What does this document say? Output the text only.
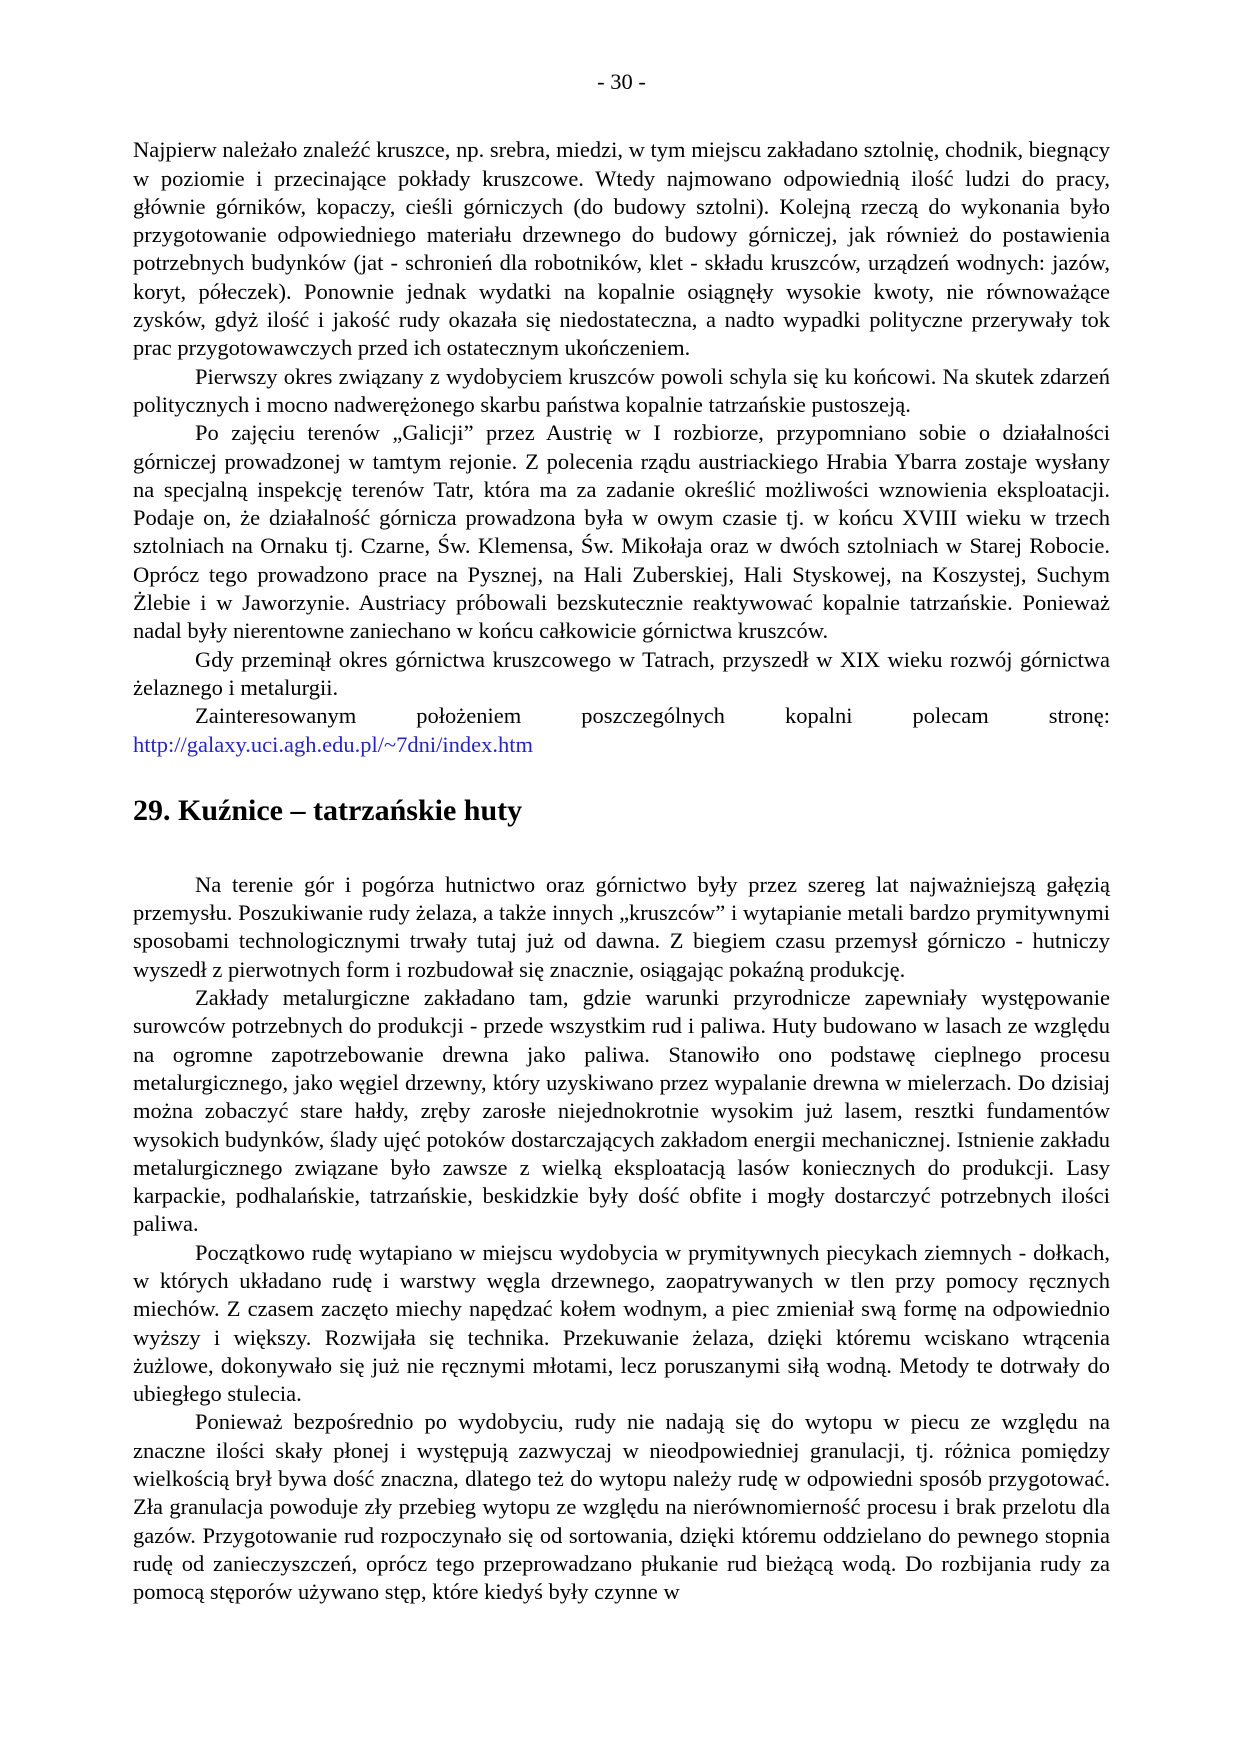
- 30 -

Najpierw należało znaleźć kruszce, np. srebra, miedzi, w tym miejscu zakładano sztolnię, chodnik, biegnący w poziomie i przecinające pokłady kruszcowe. Wtedy najmowano odpowiednią ilość ludzi do pracy, głównie górników, kopaczy, cieśli górniczych (do budowy sztolni). Kolejną rzeczą do wykonania było przygotowanie odpowiedniego materiału drzewnego do budowy górniczej, jak również do postawienia potrzebnych budynków (jat - schronień dla robotników, klet - składu kruszców, urządzeń wodnych: jazów, koryt, półeczek). Ponownie jednak wydatki na kopalnie osiągnęły wysokie kwoty, nie równoważące zysków, gdyż ilość i jakość rudy okazała się niedostateczna, a nadto wypadki polityczne przerywały tok prac przygotowawczych przed ich ostatecznym ukończeniem.

Pierwszy okres związany z wydobyciem kruszców powoli schyla się ku końcowi. Na skutek zdarzeń politycznych i mocno nadwerężonego skarbu państwa kopalnie tatrzańskie pustoszeją.

Po zajęciu terenów „Galicji” przez Austrię w I rozbiorze, przypomniano sobie o działalności górniczej prowadzonej w tamtym rejonie. Z polecenia rządu austriackiego Hrabia Ybarra zostaje wysłany na specjalną inspekcję terenów Tatr, która ma za zadanie określić możliwości wznowienia eksploatacji. Podaje on, że działalność górnicza prowadzona była w owym czasie tj. w końcu XVIII wieku w trzech sztolniach na Ornaku tj. Czarne, Św. Klemensa, Św. Mikołaja oraz w dwóch sztolniach w Starej Robocie. Oprócz tego prowadzono prace na Pysznej, na Hali Zuberskiej, Hali Styskowej, na Koszystej, Suchym Żlebie i w Jaworzynie. Austriacy próbowali bezskutecznie reaktywować kopalnie tatrzańskie. Ponieważ nadal były nierentowne zaniechano w końcu całkowicie górnictwa kruszców.

Gdy przeminął okres górnictwa kruszcowego w Tatrach, przyszedł w XIX wieku rozwój górnictwa żelaznego i metalurgii.

Zainteresowanym położeniem poszczególnych kopalni polecam stronę:

http://galaxy.uci.agh.edu.pl/~7dni/index.htm

29. Kuźnice – tatrzańskie huty

Na terenie gór i pogórza hutnictwo oraz górnictwo były przez szereg lat najważniejszą gałęzią przemysłu. Poszukiwanie rudy żelaza, a także innych „kruszców” i wytapianie metali bardzo prymitywnymi sposobami technologicznymi trwały tutaj już od dawna. Z biegiem czasu przemysł górniczo - hutniczy wyszedł z pierwotnych form i rozbudował się znacznie, osiągając pokaźną produkcję.

Zakłady metalurgiczne zakładano tam, gdzie warunki przyrodnicze zapewniały występowanie surowców potrzebnych do produkcji - przede wszystkim rud i paliwa. Huty budowano w lasach ze względu na ogromne zapotrzebowanie drewna jako paliwa. Stanowiło ono podstawę cieplnego procesu metalurgicznego, jako węgiel drzewny, który uzyskiwano przez wypalanie drewna w mielerzach. Do dzisiaj można zobaczyć stare hałdy, zręby zarosłe niejednokrotnie wysokim już lasem, resztki fundamentów wysokich budynków, ślady ujęć potoków dostarczających zakładom energii mechanicznej. Istnienie zakładu metalurgicznego związane było zawsze z wielką eksploatacją lasów koniecznych do produkcji. Lasy karpackie, podhalańskie, tatrzańskie, beskidzkie były dość obfite i mogły dostarczyć potrzebnych ilości paliwa.

Początkowo rudę wytapiano w miejscu wydobycia w prymitywnych piecykach ziemnych - dołkach, w których układano rudę i warstwy węgla drzewnego, zaopatrywanych w tlen przy pomocy ręcznych miechów. Z czasem zaczęto miechy napędzać kołem wodnym, a piec zmieniał swą formę na odpowiednio wyższy i większy. Rozwijała się technika. Przekuwanie żelaza, dzięki któremu wciskano wtrącenia żużlowe, dokonywało się już nie ręcznymi młotami, lecz poruszanymi siłą wodną. Metody te dotrwały do ubiegłego stulecia.

Ponieważ bezpośrednio po wydobyciu, rudy nie nadają się do wytopu w piecu ze względu na znaczne ilości skały płonej i występują zazwyczaj w nieodpowiedniej granulacji, tj. różnica pomiędzy wielkością brył bywa dość znaczna, dlatego też do wytopu należy rudę w odpowiedni sposób przygotować. Zła granulacja powoduje zły przebieg wytopu ze względu na nierównomierność procesu i brak przelotu dla gazów. Przygotowanie rud rozpoczynało się od sortowania, dzięki któremu oddzielano do pewnego stopnia rudę od zanieczyszczeń, oprócz tego przeprowadzano płukanie rud bieżącą wodą. Do rozbijania rudy za pomocą stęporów używano stęp, które kiedyś były czynne w
